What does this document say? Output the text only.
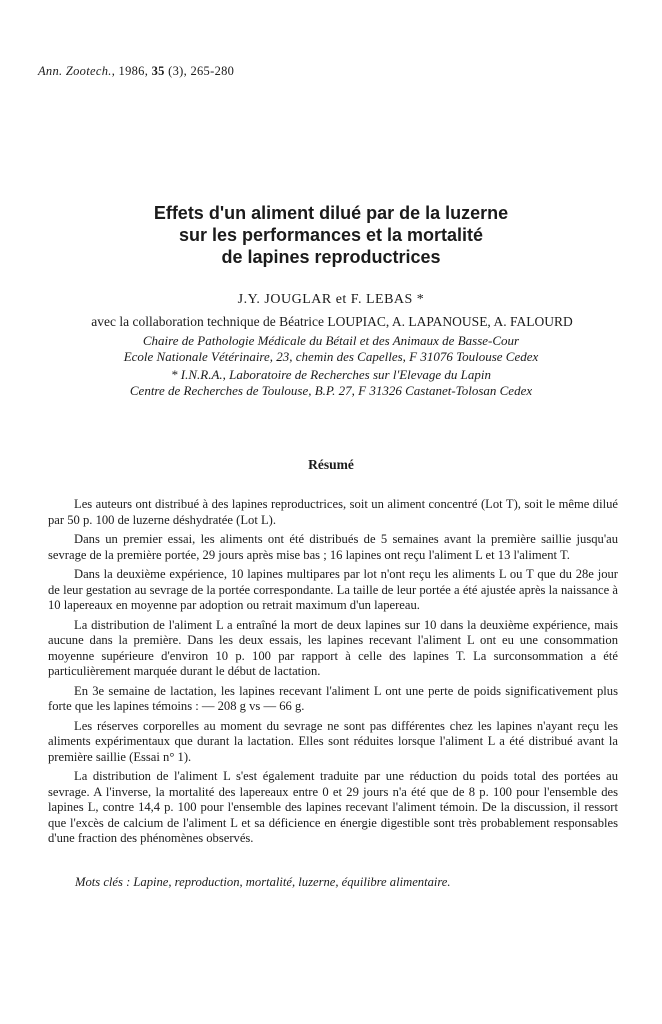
Ann. Zootech., 1986, 35 (3), 265-280
Effets d'un aliment dilué par de la luzerne
sur les performances et la mortalité
de lapines reproductrices
J.Y. JOUGLAR et F. LEBAS *
avec la collaboration technique de Béatrice LOUPIAC, A. LAPANOUSE, A. FALOURD
Chaire de Pathologie Médicale du Bétail et des Animaux de Basse-Cour
Ecole Nationale Vétérinaire, 23, chemin des Capelles, F 31076 Toulouse Cedex
* I.N.R.A., Laboratoire de Recherches sur l'Elevage du Lapin
Centre de Recherches de Toulouse, B.P. 27, F 31326 Castanet-Tolosan Cedex
Résumé

Les auteurs ont distribué à des lapines reproductrices, soit un aliment concentré (Lot T), soit le même dilué par 50 p. 100 de luzerne déshydratée (Lot L).

Dans un premier essai, les aliments ont été distribués de 5 semaines avant la première saillie jusqu'au sevrage de la première portée, 29 jours après mise bas ; 16 lapines ont reçu l'aliment L et 13 l'aliment T.

Dans la deuxième expérience, 10 lapines multipares par lot n'ont reçu les aliments L ou T que du 28e jour de leur gestation au sevrage de la portée correspondante. La taille de leur portée a été ajustée après la naissance à 10 lapereaux en moyenne par adoption ou retrait maximum d'un lapereau.

La distribution de l'aliment L a entraîné la mort de deux lapines sur 10 dans la deuxième expérience, mais aucune dans la première. Dans les deux essais, les lapines recevant l'aliment L ont eu une consommation moyenne supérieure d'environ 10 p. 100 par rapport à celle des lapines T. La surconsommation a été particulièrement marquée durant le début de lactation.

En 3e semaine de lactation, les lapines recevant l'aliment L ont une perte de poids significativement plus forte que les lapines témoins : — 208 g vs — 66 g.

Les réserves corporelles au moment du sevrage ne sont pas différentes chez les lapines n'ayant reçu les aliments expérimentaux que durant la lactation. Elles sont réduites lorsque l'aliment L a été distribué avant la première saillie (Essai n° 1).

La distribution de l'aliment L s'est également traduite par une réduction du poids total des portées au sevrage. A l'inverse, la mortalité des lapereaux entre 0 et 29 jours n'a été que de 8 p. 100 pour l'ensemble des lapines L, contre 14,4 p. 100 pour l'ensemble des lapines recevant l'aliment témoin. De la discussion, il ressort que l'excès de calcium de l'aliment L et sa déficience en énergie digestible sont très probablement responsables d'une fraction des phénomènes observés.

Mots clés : Lapine, reproduction, mortalité, luzerne, équilibre alimentaire.
